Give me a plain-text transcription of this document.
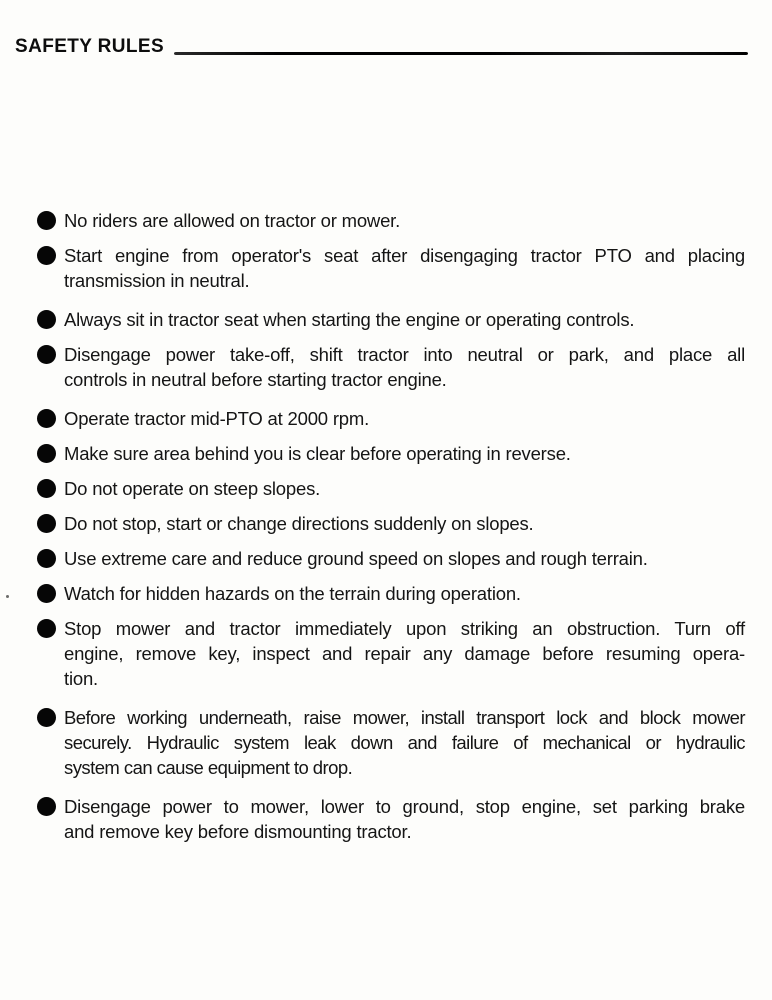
SAFETY RULES
No riders are allowed on tractor or mower.
Start engine from operator's seat after disengaging tractor PTO and placing
transmission in neutral.
Always sit in tractor seat when starting the engine or operating controls.
Disengage power take-off, shift tractor into neutral or park, and place all
controls in neutral before starting tractor engine.
Operate tractor mid-PTO at 2000 rpm.
Make sure area behind you is clear before operating in reverse.
Do not operate on steep slopes.
Do not stop, start or change directions suddenly on slopes.
Use extreme care and reduce ground speed on slopes and rough terrain.
Watch for hidden hazards on the terrain during operation.
Stop mower and tractor immediately upon striking an obstruction. Turn off
engine, remove key, inspect and repair any damage before resuming opera-
tion.
Before working underneath, raise mower, install transport lock and block mower
securely. Hydraulic system leak down and failure of mechanical or hydraulic
system can cause equipment to drop.
Disengage power to mower, lower to ground, stop engine, set parking brake
and remove key before dismounting tractor.
